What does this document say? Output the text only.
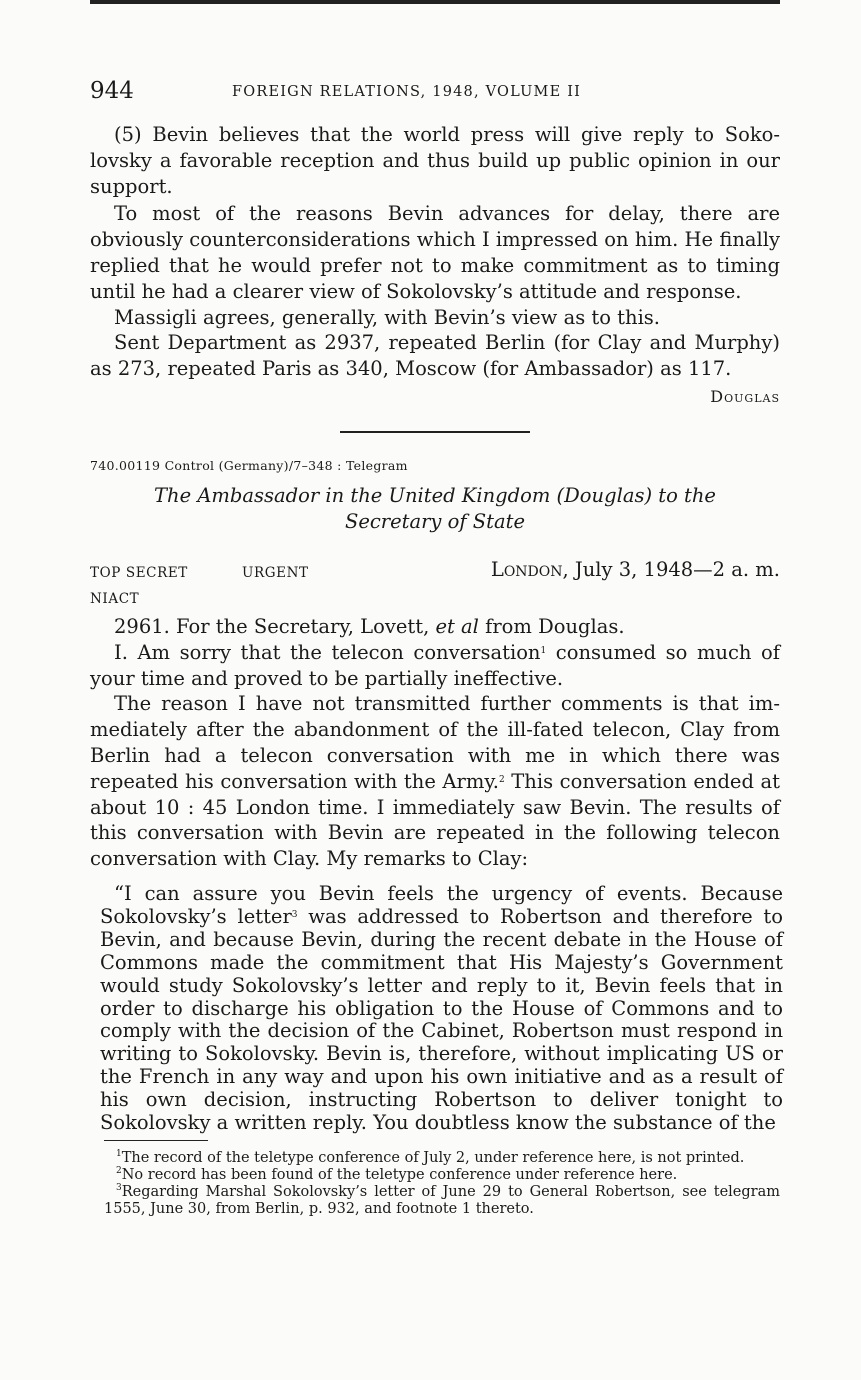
944	FOREIGN RELATIONS, 1948, VOLUME II

(5) Bevin believes that the world press will give reply to Sokolovsky a favorable reception and thus build up public opinion in our support.

To most of the reasons Bevin advances for delay, there are obviously counterconsiderations which I impressed on him. He finally replied that he would prefer not to make commitment as to timing until he had a clearer view of Sokolovsky’s attitude and response.

Massigli agrees, generally, with Bevin’s view as to this.

Sent Department as 2937, repeated Berlin (for Clay and Murphy) as 273, repeated Paris as 340, Moscow (for Ambassador) as 117.

Douglas
740.00119 Control (Germany)/7–348 : Telegram
The Ambassador in the United Kingdom (Douglas) to the
Secretary of State
TOP SECRET	URGENT	London, July 3, 1948—2 a. m.
NIACT

2961. For the Secretary, Lovett, et al from Douglas.

I. Am sorry that the telecon conversation$^1$ consumed so much of your time and proved to be partially ineffective.

The reason I have not transmitted further comments is that immediately after the abandonment of the ill-fated telecon, Clay from Berlin had a telecon conversation with me in which there was repeated his conversation with the Army.$^2$ This conversation ended at about 10 : 45 London time. I immediately saw Bevin. The results of this conversation with Bevin are repeated in the following telecon conversation with Clay. My remarks to Clay:

“I can assure you Bevin feels the urgency of events. Because Sokolovsky’s letter$^3$ was addressed to Robertson and therefore to Bevin, and because Bevin, during the recent debate in the House of Commons made the commitment that His Majesty’s Government would study Sokolovsky’s letter and reply to it, Bevin feels that in order to discharge his obligation to the House of Commons and to comply with the decision of the Cabinet, Robertson must respond in writing to Sokolovsky. Bevin is, therefore, without implicating US or the French in any way and upon his own initiative and as a result of his own decision, instructing Robertson to deliver tonight to Sokolovsky a written reply. You doubtless know the substance of the

$^1$The record of the teletype conference of July 2, under reference here, is not printed.

$^2$No record has been found of the teletype conference under reference here.

$^3$Regarding Marshal Sokolovsky’s letter of June 29 to General Robertson, see telegram 1555, June 30, from Berlin, p. 932, and footnote 1 thereto.
